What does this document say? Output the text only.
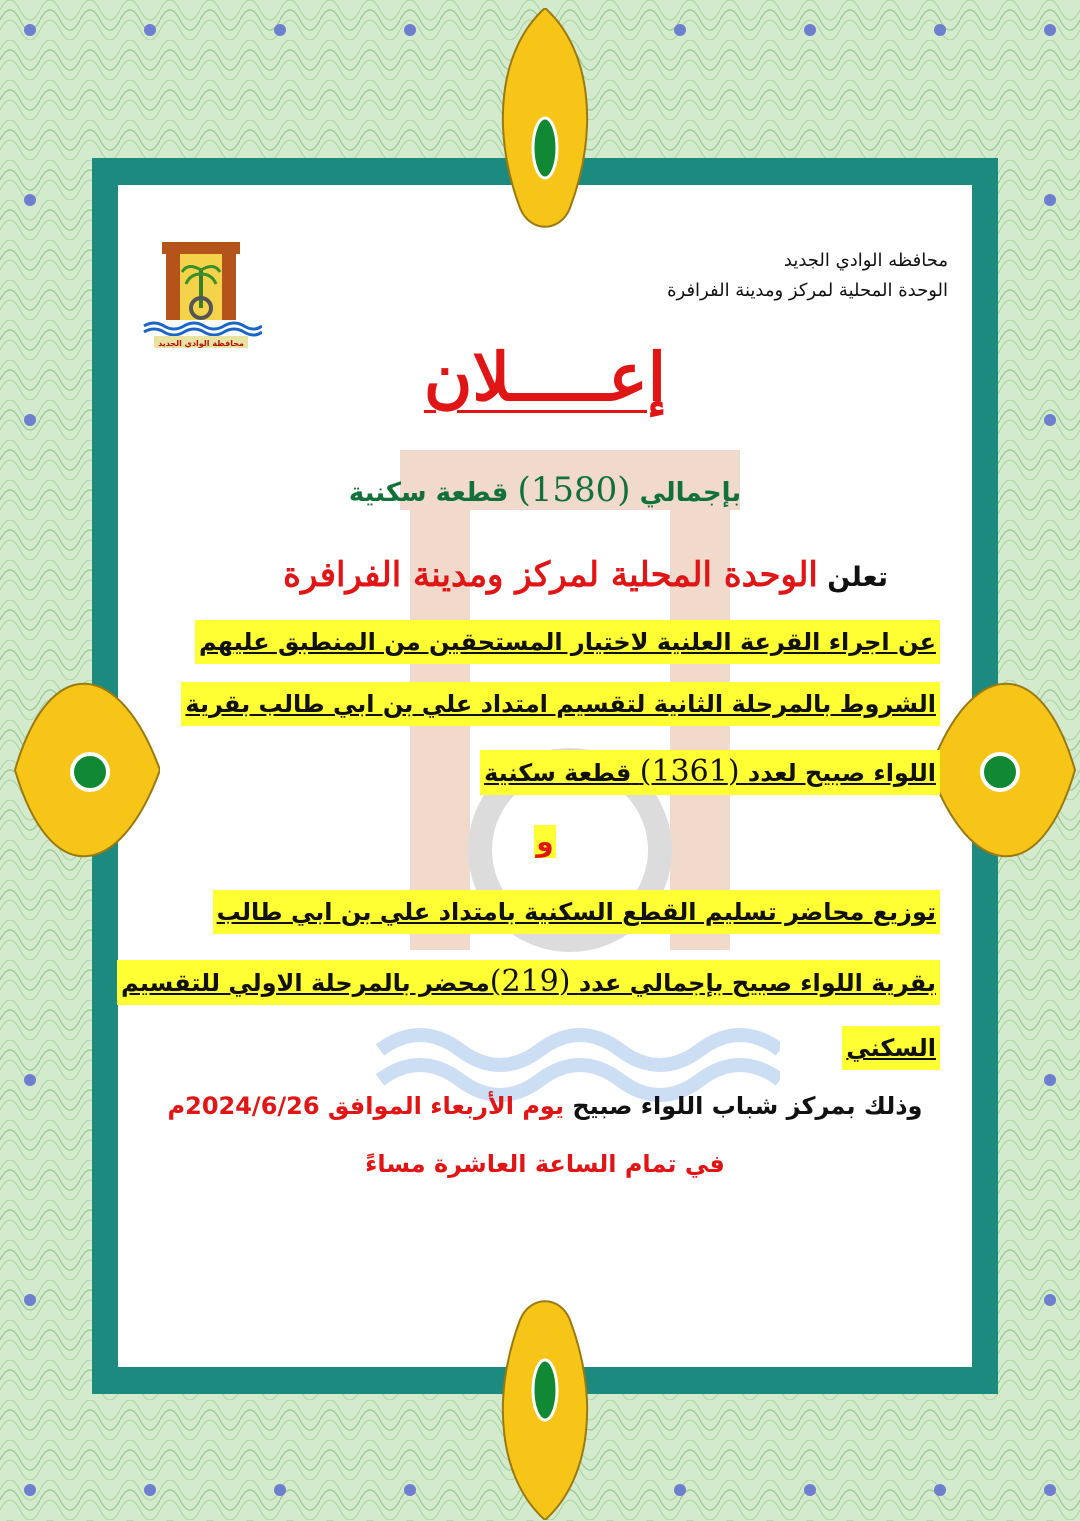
محافظه الوادي الجديد
الوحدة المحلية لمركز ومدينة الفرافرة
محافظة الوادي الجديد	إعـــــلان
بإجمالي (1580) قطعة سكنية
تعلن الوحدة المحلية لمركز ومدينة الفرافرة
عن اجراء القرعة العلنية لاختيار المستحقين من المنطبق عليهم
الشروط بالمرحلة الثانية لتقسيم امتداد علي بن ابي طالب بقرية
اللواء صبيح لعدد (1361) قطعة سكنية
و
توزيع محاضر تسليم القطع السكنية بامتداد علي بن ابي طالب
بقرية اللواء صبيح بإجمالي عدد (219)محضر بالمرحلة الاولي للتقسيم
السكني
وذلك بمركز شباب اللواء صبيح يوم الأربعاء الموافق 2024/6/26م
في تمام الساعة العاشرة مساءً
